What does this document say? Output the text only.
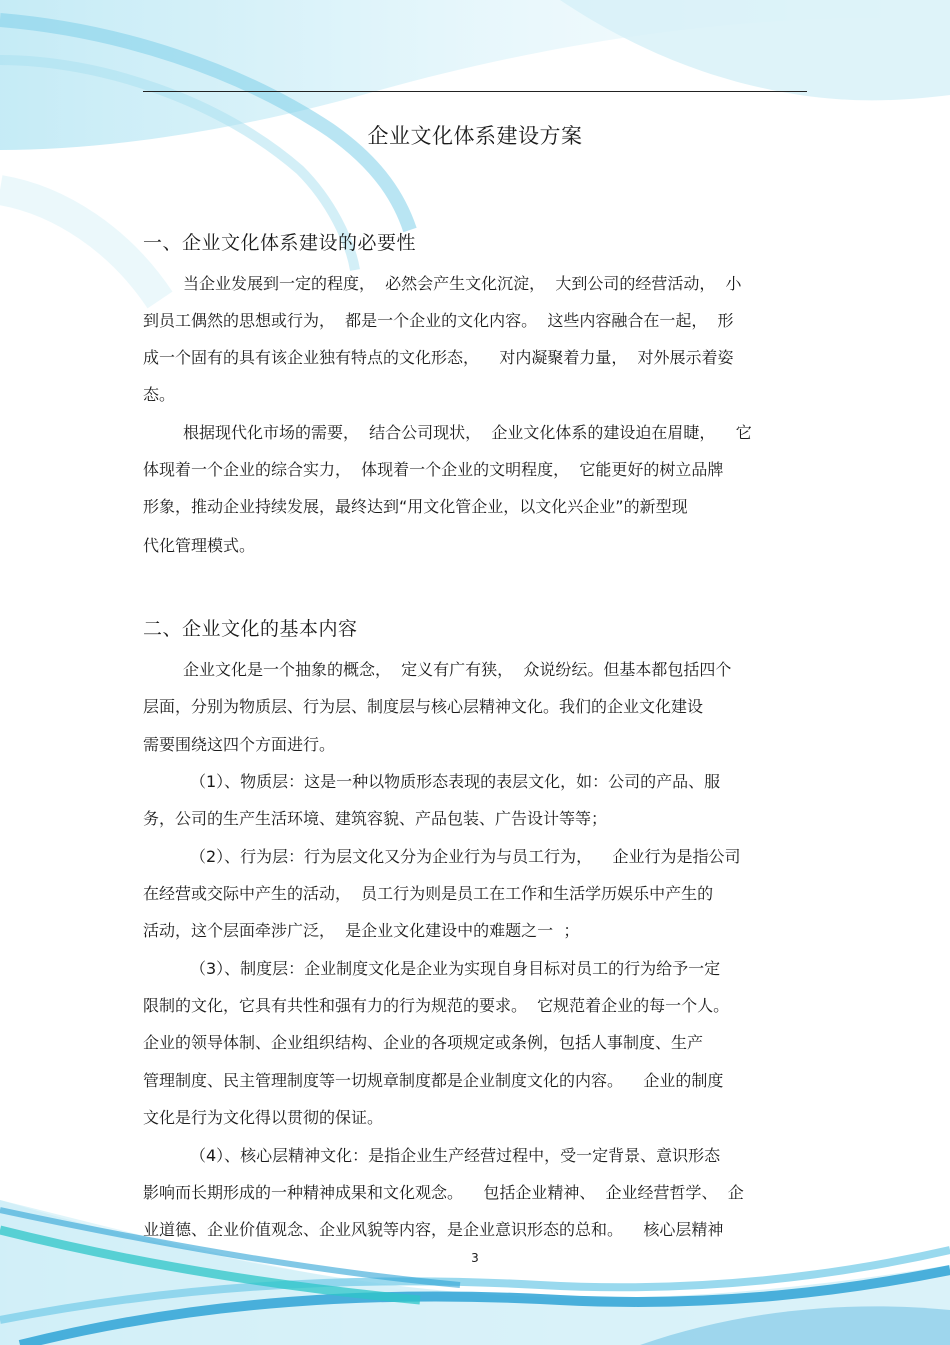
企业文化体系建设方案
一、企业文化体系建设的必要性
当企业发展到一定的程度，  必然会产生文化沉淀，  大到公司的经营活动，  小
到员工偶然的思想或行为，  都是一个企业的文化内容。  这些内容融合在一起，  形
成一个固有的具有该企业独有特点的文化形态，    对内凝聚着力量，  对外展示着姿
态。
根据现代化市场的需要，  结合公司现状，  企业文化体系的建设迫在眉睫，    它
体现着一个企业的综合实力，  体现着一个企业的文明程度，  它能更好的树立品牌
形象，推动企业持续发展，最终达到“用文化管企业，以文化兴企业”的新型现
代化管理模式。
二、企业文化的基本内容
企业文化是一个抽象的概念，  定义有广有狭，  众说纷纭。但基本都包括四个
层面，分别为物质层、行为层、制度层与核心层精神文化。我们的企业文化建设
需要围绕这四个方面进行。
（1）、物质层：这是一种以物质形态表现的表层文化，如：公司的产品、服
务，公司的生产生活环境、建筑容貌、产品包装、广告设计等等；
（2）、行为层：行为层文化又分为企业行为与员工行为，    企业行为是指公司
在经营或交际中产生的活动，  员工行为则是员工在工作和生活学历娱乐中产生的
活动，这个层面牵涉广泛，  是企业文化建设中的难题之一  ；
（3）、制度层：企业制度文化是企业为实现自身目标对员工的行为给予一定
限制的文化，它具有共性和强有力的行为规范的要求。  它规范着企业的每一个人。
企业的领导体制、企业组织结构、企业的各项规定或条例，包括人事制度、生产
管理制度、民主管理制度等一切规章制度都是企业制度文化的内容。    企业的制度
文化是行为文化得以贯彻的保证。
（4）、核心层精神文化：是指企业生产经营过程中，受一定背景、意识形态
影响而长期形成的一种精神成果和文化观念。    包括企业精神、  企业经营哲学、  企
业道德、企业价值观念、企业风貌等内容，是企业意识形态的总和。    核心层精神
3
